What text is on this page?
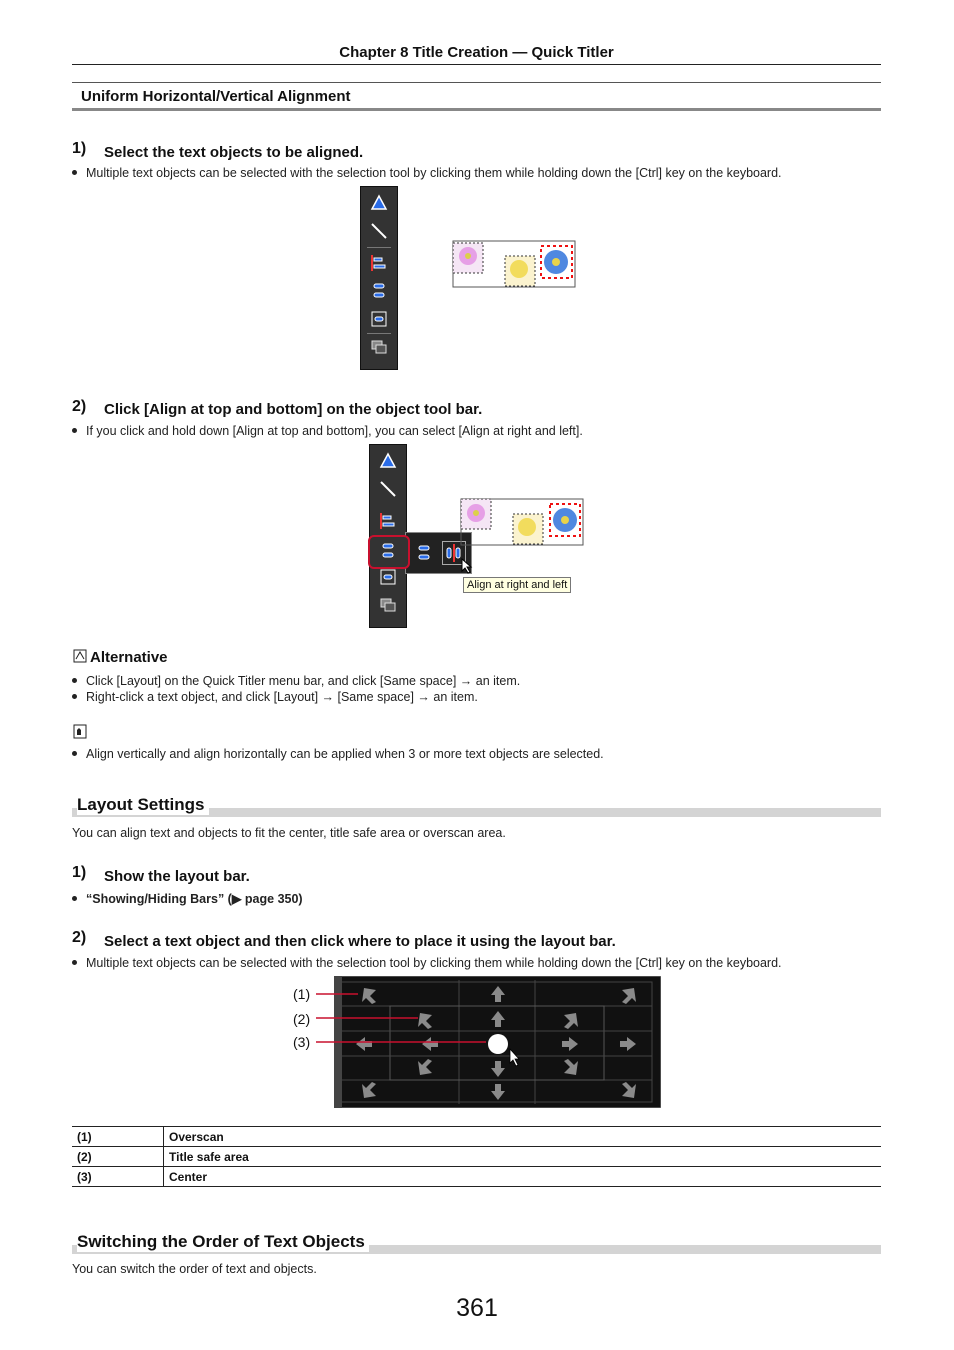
Chapter 8 Title Creation — Quick Titler
Uniform Horizontal/Vertical Alignment
1) Select the text objects to be aligned.
Multiple text objects can be selected with the selection tool by clicking them while holding down the [Ctrl] key on the keyboard.
2) Click [Align at top and bottom] on the object tool bar.
If you click and hold down [Align at top and bottom], you can select [Align at right and left].
Align at right and left
Alternative
Click [Layout] on the Quick Titler menu bar, and click [Same space] → an item.
Right-click a text object, and click [Layout] → [Same space] → an item.
Align vertically and align horizontally can be applied when 3 or more text objects are selected.
Layout Settings
You can align text and objects to fit the center, title safe area or overscan area.
1) Show the layout bar.
“Showing/Hiding Bars” (▶ page 350)
2) Select a text object and then click where to place it using the layout bar.
Multiple text objects can be selected with the selection tool by clicking them while holding down the [Ctrl] key on the keyboard.
(1)
(2)
(3)
(1)	Overscan
(2)	Title safe area
(3)	Center
Switching the Order of Text Objects
You can switch the order of text and objects.
361
